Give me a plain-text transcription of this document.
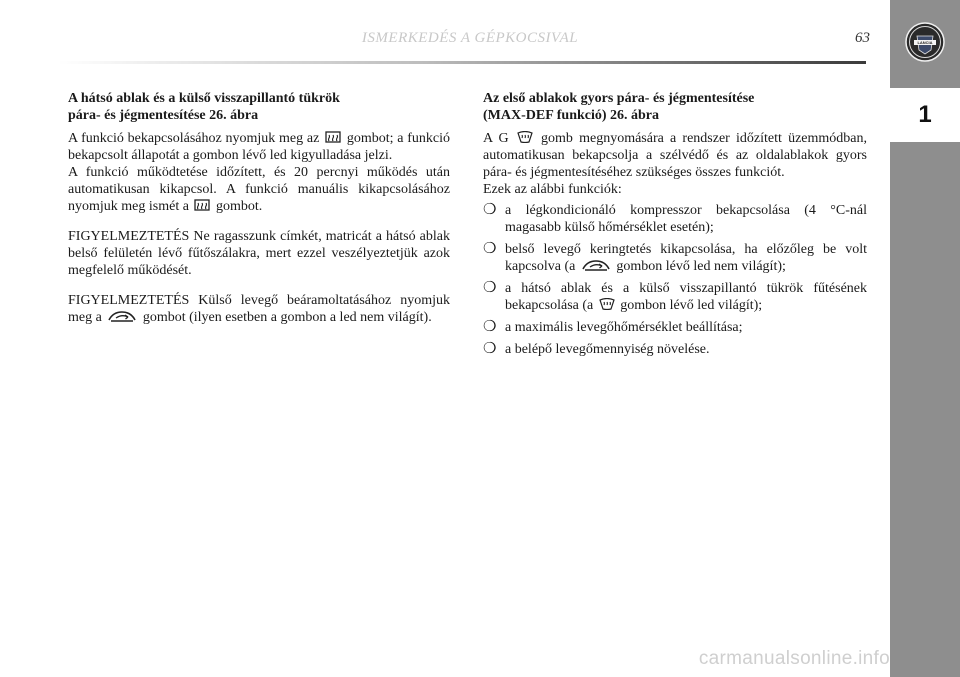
ISMERKEDÉS A GÉPKOCSIVAL	63	LANCIA
1
A hátsó ablak és a külső visszapillantó tükrök
pára- és jégmentesítése 26. ábra

A funkció bekapcsolásához nyomjuk meg az gombot; a funkció bekapcsolt állapotát a gombon lévő led kigyulladása jelzi.

A funkció működtetése időzített, és 20 percnyi működés után automatikusan kikapcsol. A funkció manuális kikapcsolásához nyomjuk meg ismét a gombot.

FIGYELMEZTETÉS Ne ragasszunk címkét, matricát a hátsó ablak belső felületén lévő fűtőszálakra, mert ezzel veszélyeztetjük azok megfelelő működését.

FIGYELMEZTETÉS Külső levegő beáramoltatásához nyomjuk meg a	gombot (ilyen esetben a gombon a led nem világít).

Az első ablakok gyors pára- és jégmentesítése
(MAX-DEF funkció) 26. ábra

A G gomb megnyomására a rendszer időzített üzemmódban, automatikusan bekapcsolja a szélvédő és az oldalablakok gyors pára- és jégmentesítéséhez szükséges összes funkciót.

Ezek az alábbi funkciók:

❍ a légkondicionáló kompresszor bekapcsolása (4 °C-nál magasabb külső hőmérséklet esetén);
❍ belső levegő keringtetés kikapcsolása, ha előzőleg be volt kapcsolva (a	gombon lévő led nem világít);
❍ a hátsó ablak és a külső visszapillantó tükrök fűtésének bekapcsolása (a gombon lévő led világít);
❍ a maximális levegőhőmérséklet beállítása;
❍ a belépő levegőmennyiség növelése.
carmanualsonline.info
